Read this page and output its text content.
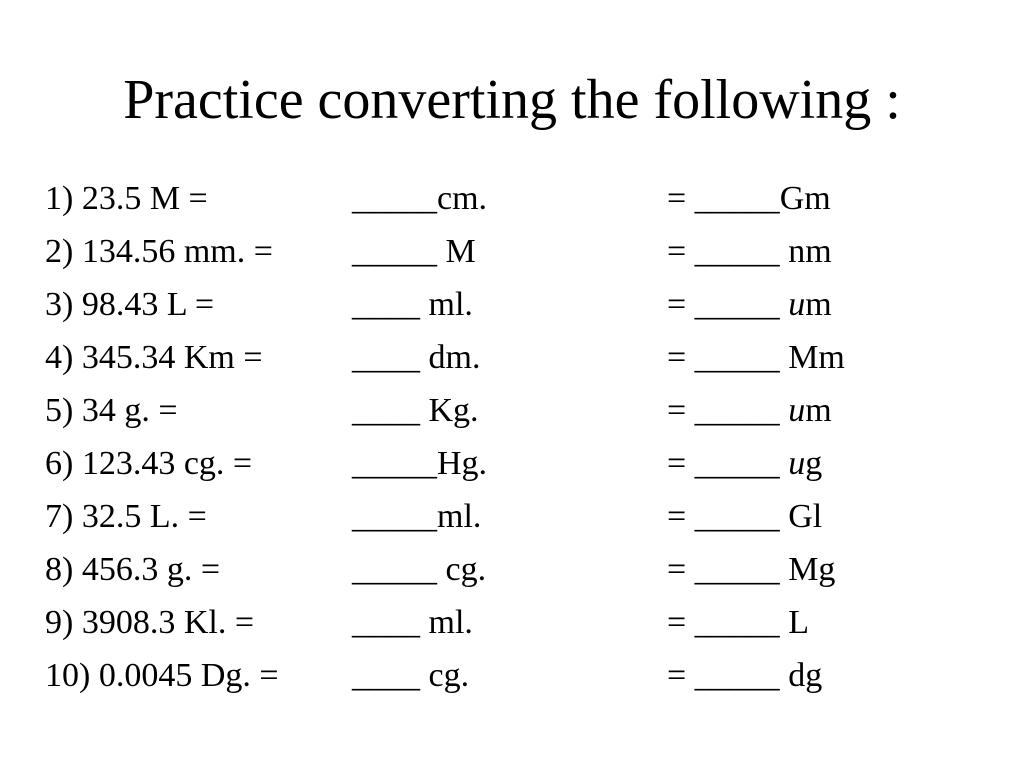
Practice converting the following :
1) 23.5 M =	_____cm.	= _____Gm
2) 134.56 mm. = _____ M	= _____ nm
3) 98.43 L =	____ ml.	= _____ um
4) 345.34 Km =	____ dm.	= _____ Mm
5) 34 g. =	____ Kg.	= _____ um
6) 123.43 cg. =	_____Hg.	= _____ ug
7) 32.5 L. =	_____ml.	= _____ Gl
8) 456.3 g. =	_____ cg.	= _____ Mg
9) 3908.3 Kl. =	____ ml.	= _____ L
10) 0.0045 Dg. = ____ cg.	= _____ dg
